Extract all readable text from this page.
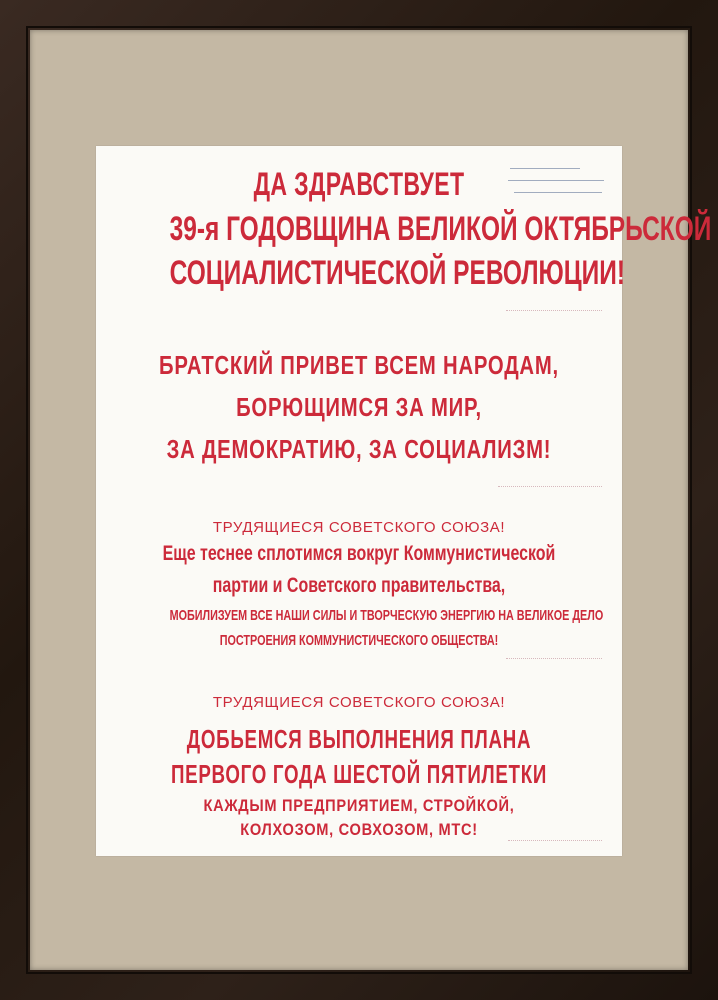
ДА ЗДРАВСТВУЕТ
39-я ГОДОВЩИНА ВЕЛИКОЙ ОКТЯБРЬСКОЙ
СОЦИАЛИСТИЧЕСКОЙ РЕВОЛЮЦИИ!
БРАТСКИЙ ПРИВЕТ ВСЕМ НАРОДАМ,
БОРЮЩИМСЯ ЗА МИР,
ЗА ДЕМОКРАТИЮ, ЗА СОЦИАЛИЗМ!
ТРУДЯЩИЕСЯ СОВЕТСКОГО СОЮЗА!
Еще теснее сплотимся вокруг Коммунистической
партии и Советского правительства,
МОБИЛИЗУЕМ ВСЕ НАШИ СИЛЫ И ТВОРЧЕСКУЮ ЭНЕРГИЮ НА ВЕЛИКОЕ ДЕЛО
ПОСТРОЕНИЯ КОММУНИСТИЧЕСКОГО ОБЩЕСТВА!
ТРУДЯЩИЕСЯ СОВЕТСКОГО СОЮЗА!
ДОБЬЕМСЯ ВЫПОЛНЕНИЯ ПЛАНА
ПЕРВОГО ГОДА ШЕСТОЙ ПЯТИЛЕТКИ
КАЖДЫМ ПРЕДПРИЯТИЕМ, СТРОЙКОЙ,
КОЛХОЗОМ, СОВХОЗОМ, МТС!
